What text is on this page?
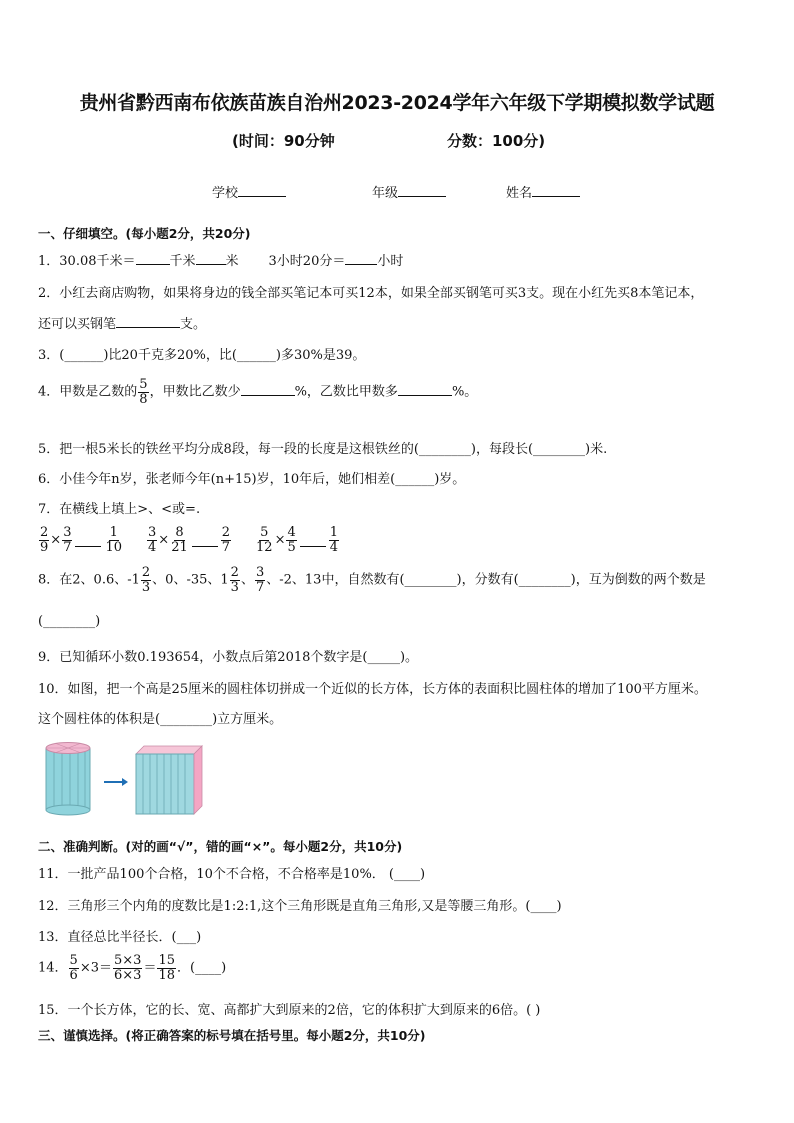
贵州省黔西南布依族苗族自治州2023-2024学年六年级下学期模拟数学试题
(时间：90分钟	分数：100分)
学校	年级	姓名
一、仔细填空。(每小题2分，共20分)
1．30.08千米＝	千米 米 3小时20分＝ 小时
2．小红去商店购物，如果将身边的钱全部买笔记本可买12本，如果全部买钢笔可买3支。现在小红先买8本笔记本，
还可以买钢笔	支。
3．(______)比20千克多20%，比(______)多30%是39。
4．甲数是乙数的 $\frac{5}{8}$ ，甲数比乙数少	%，乙数比甲数多	%。
5．把一根5米长的铁丝平均分成8段，每一段的长度是这根铁丝的(________)，每段长(________)米.
6．小佳今年n岁，张老师今年(n+15)岁，10年后，她们相差(______)岁。
7．在横线上填上>、<或=.
$\frac{2}{9} \times \frac{3}{7} \frac{1}{10} \frac{3}{4} \times \frac{8}{21} \frac{2}{7} \frac{5}{12} \times \frac{4}{5} \frac{1}{4}$
8．在2、0.6、$-1 \frac{2}{3}$ 、0、-35、$1 \frac{2}{3}$ 、 $\frac{3}{7}$ 、-2、13中，自然数有(________)，分数有(________)，互为倒数的两个数是
(________)
9．已知循环小数0.193654，小数点后第2018个数字是(_____)。
10．如图，把一个高是25厘米的圆柱体切拼成一个近似的长方体，长方体的表面积比圆柱体的增加了100平方厘米。
这个圆柱体的体积是(________)立方厘米。
二、准确判断。(对的画“√”，错的画“×”。每小题2分，共10分)
11．一批产品100个合格，10个不合格，不合格率是10%． (____)
12．三角形三个内角的度数比是1:2:1,这个三角形既是直角三角形,又是等腰三角形。(____)
13．直径总比半径长．(___)
14． $\frac{5}{6} \times 3= \frac{5\times 3}{6\times 3} = \frac{15}{18}$ ．(____)
15．一个长方体，它的长、宽、高都扩大到原来的2倍，它的体积扩大到原来的6倍。( )
三、谨慎选择。(将正确答案的标号填在括号里。每小题2分，共10分)
